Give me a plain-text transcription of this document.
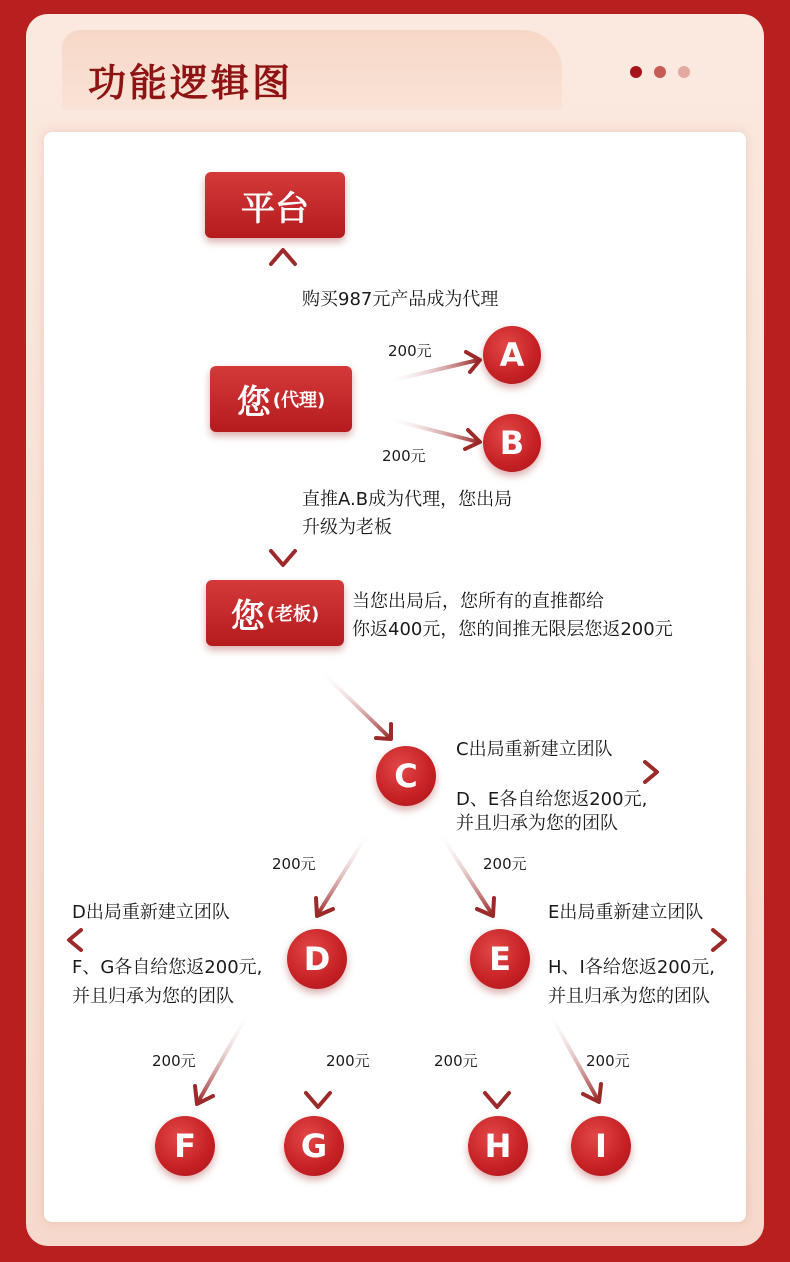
功能逻辑图
平台
您 (代理)
您 (老板)
A
B
C
D	E
F	G	H	I
购买987元产品成为代理
200元
200元
直推A.B成为代理，您出局
升级为老板
当您出局后，您所有的直推都给
你返400元，您的间推无限层您返200元
C出局重新建立团队
D、E各自给您返200元,
并且归承为您的团队
200元	200元
D出局重新建立团队
F、G各自给您返200元,
并且归承为您的团队
E出局重新建立团队
H、I各给您返200元,
并且归承为您的团队
200元	200元	200元	200元
